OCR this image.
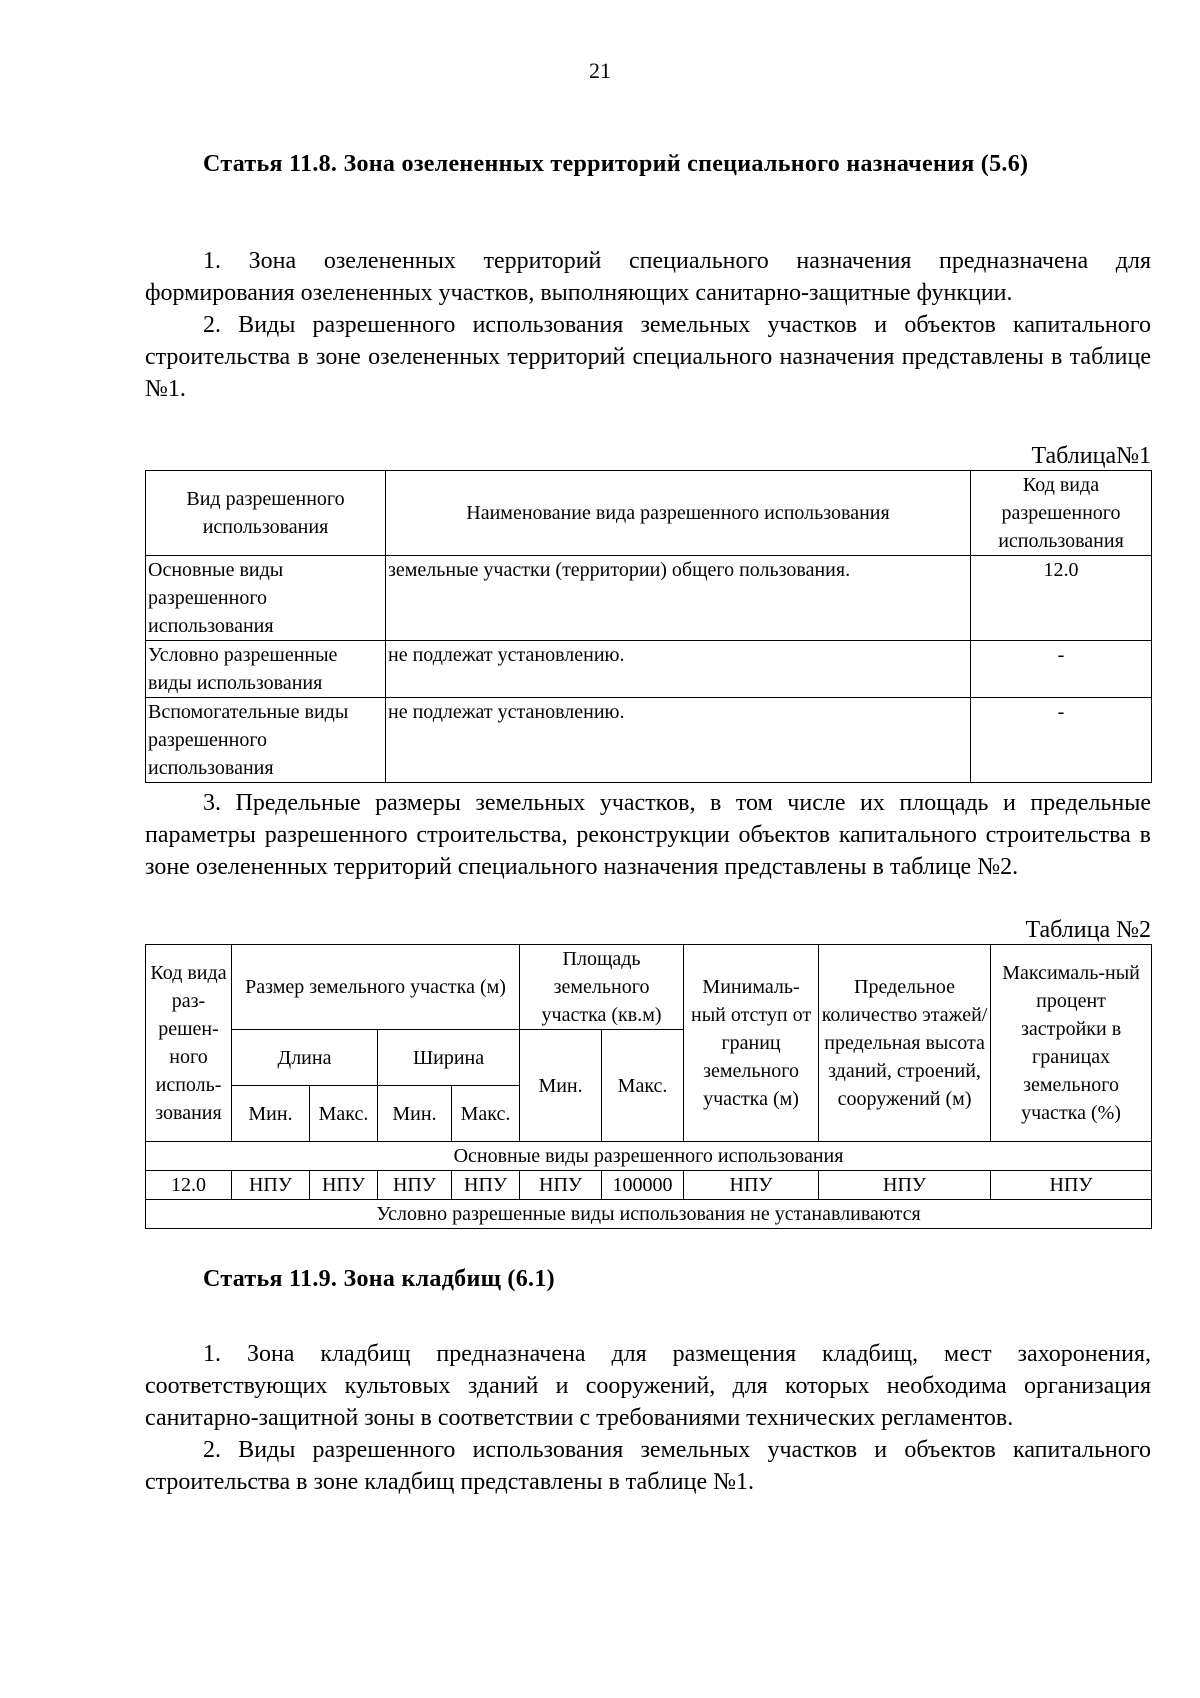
21

Статья 11.8. Зона озелененных территорий специального назначения (5.6)

1. Зона озелененных территорий специального назначения предназначена для формирования озелененных участков, выполняющих санитарно-защитные функции.

2. Виды разрешенного использования земельных участков и объектов капитального строительства в зоне озелененных территорий специального назначения представлены в таблице №1.

Таблица№1

Вид разрешенного использования	Наименование вида разрешенного использования	Код вида разрешенного использования
Основные виды разрешенного использования	земельные участки (территории) общего пользования.	12.0
Условно разрешенные виды использования	не подлежат установлению.	-
Вспомогательные виды разрешенного использования	не подлежат установлению.	-

3. Предельные размеры земельных участков, в том числе их площадь и предельные параметры разрешенного строительства, реконструкции объектов капитального строительства в зоне озелененных территорий специального назначения представлены в таблице №2.

Таблица №2

Код вида раз-решен-ного исполь-зования	Размер земельного участка (м)				Площадь земельного участка (кв.м)		Минималь-ный отступ от границ земельного участка (м)	Предельное количество этажей/ предельная высота зданий, строений, сооружений (м)	Максималь-ный процент застройки в границах земельного участка (%)
	Длина		Ширина		Мин.	Макс.			
	Мин.	Макс.	Мин.	Макс.					
Основные виды разрешенного использования									
12.0	НПУ	НПУ	НПУ	НПУ	НПУ	100000	НПУ	НПУ	НПУ
Условно разрешенные виды использования не устанавливаются									

Статья 11.9. Зона кладбищ (6.1)

1. Зона кладбищ предназначена для размещения кладбищ, мест захоронения, соответствующих культовых зданий и сооружений, для которых необходима организация санитарно-защитной зоны в соответствии с требованиями технических регламентов.

2. Виды разрешенного использования земельных участков и объектов капитального строительства в зоне кладбищ представлены в таблице №1.
